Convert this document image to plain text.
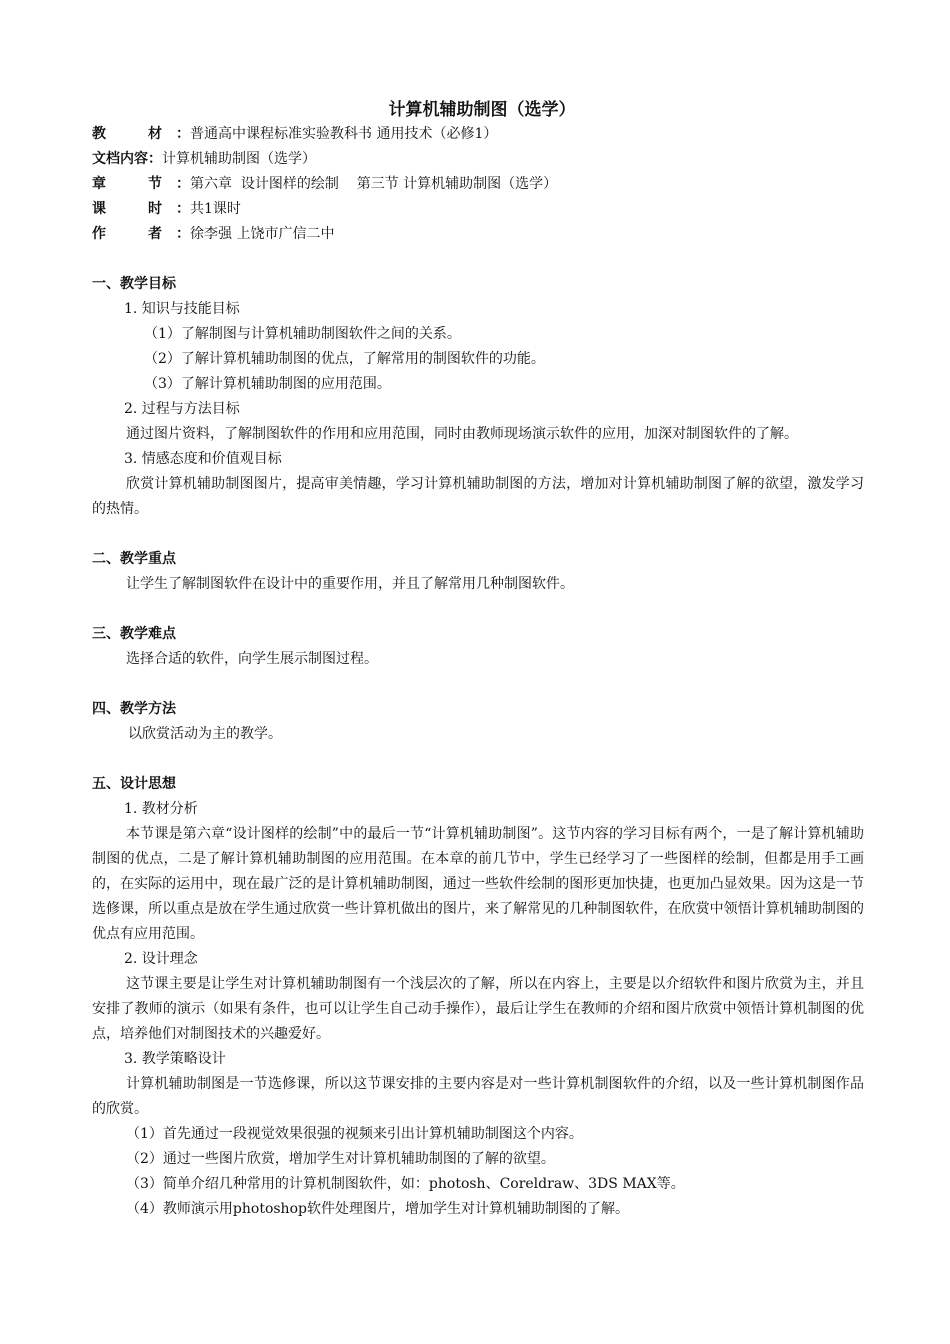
计算机辅助制图（选学）
教 材 ：普通高中课程标准实验教科书 通用技术（必修1）
文档内容：计算机辅助制图（选学）
章 节 ：第六章  设计图样的绘制    第三节 计算机辅助制图（选学）
课 时 ：共1课时
作 者 ：徐李强 上饶市广信二中
一、教学目标
1. 知识与技能目标
（1）了解制图与计算机辅助制图软件之间的关系。
（2）了解计算机辅助制图的优点，了解常用的制图软件的功能。
（3）了解计算机辅助制图的应用范围。
2. 过程与方法目标
通过图片资料，了解制图软件的作用和应用范围，同时由教师现场演示软件的应用，加深对制图软件的了解。
3. 情感态度和价值观目标
欣赏计算机辅助制图图片，提高审美情趣，学习计算机辅助制图的方法，增加对计算机辅助制图了解的欲望，激发学习的热情。
二、教学重点
让学生了解制图软件在设计中的重要作用，并且了解常用几种制图软件。
三、教学难点
选择合适的软件，向学生展示制图过程。
四、教学方法
以欣赏活动为主的教学。
五、设计思想
1. 教材分析
本节课是第六章“设计图样的绘制”中的最后一节“计算机辅助制图”。这节内容的学习目标有两个，一是了解计算机辅助制图的优点，二是了解计算机辅助制图的应用范围。在本章的前几节中，学生已经学习了一些图样的绘制，但都是用手工画的，在实际的运用中，现在最广泛的是计算机辅助制图，通过一些软件绘制的图形更加快捷，也更加凸显效果。因为这是一节选修课，所以重点是放在学生通过欣赏一些计算机做出的图片，来了解常见的几种制图软件，在欣赏中领悟计算机辅助制图的优点有应用范围。
2. 设计理念
这节课主要是让学生对计算机辅助制图有一个浅层次的了解，所以在内容上，主要是以介绍软件和图片欣赏为主，并且安排了教师的演示（如果有条件，也可以让学生自己动手操作），最后让学生在教师的介绍和图片欣赏中领悟计算机制图的优点，培养他们对制图技术的兴趣爱好。
3. 教学策略设计
计算机辅助制图是一节选修课，所以这节课安排的主要内容是对一些计算机制图软件的介绍，以及一些计算机制图作品的欣赏。
（1）首先通过一段视觉效果很强的视频来引出计算机辅助制图这个内容。
（2）通过一些图片欣赏，增加学生对计算机辅助制图的了解的欲望。
（3）简单介绍几种常用的计算机制图软件，如：photosh、Coreldraw、3DS MAX等。
（4）教师演示用photoshop软件处理图片，增加学生对计算机辅助制图的了解。
